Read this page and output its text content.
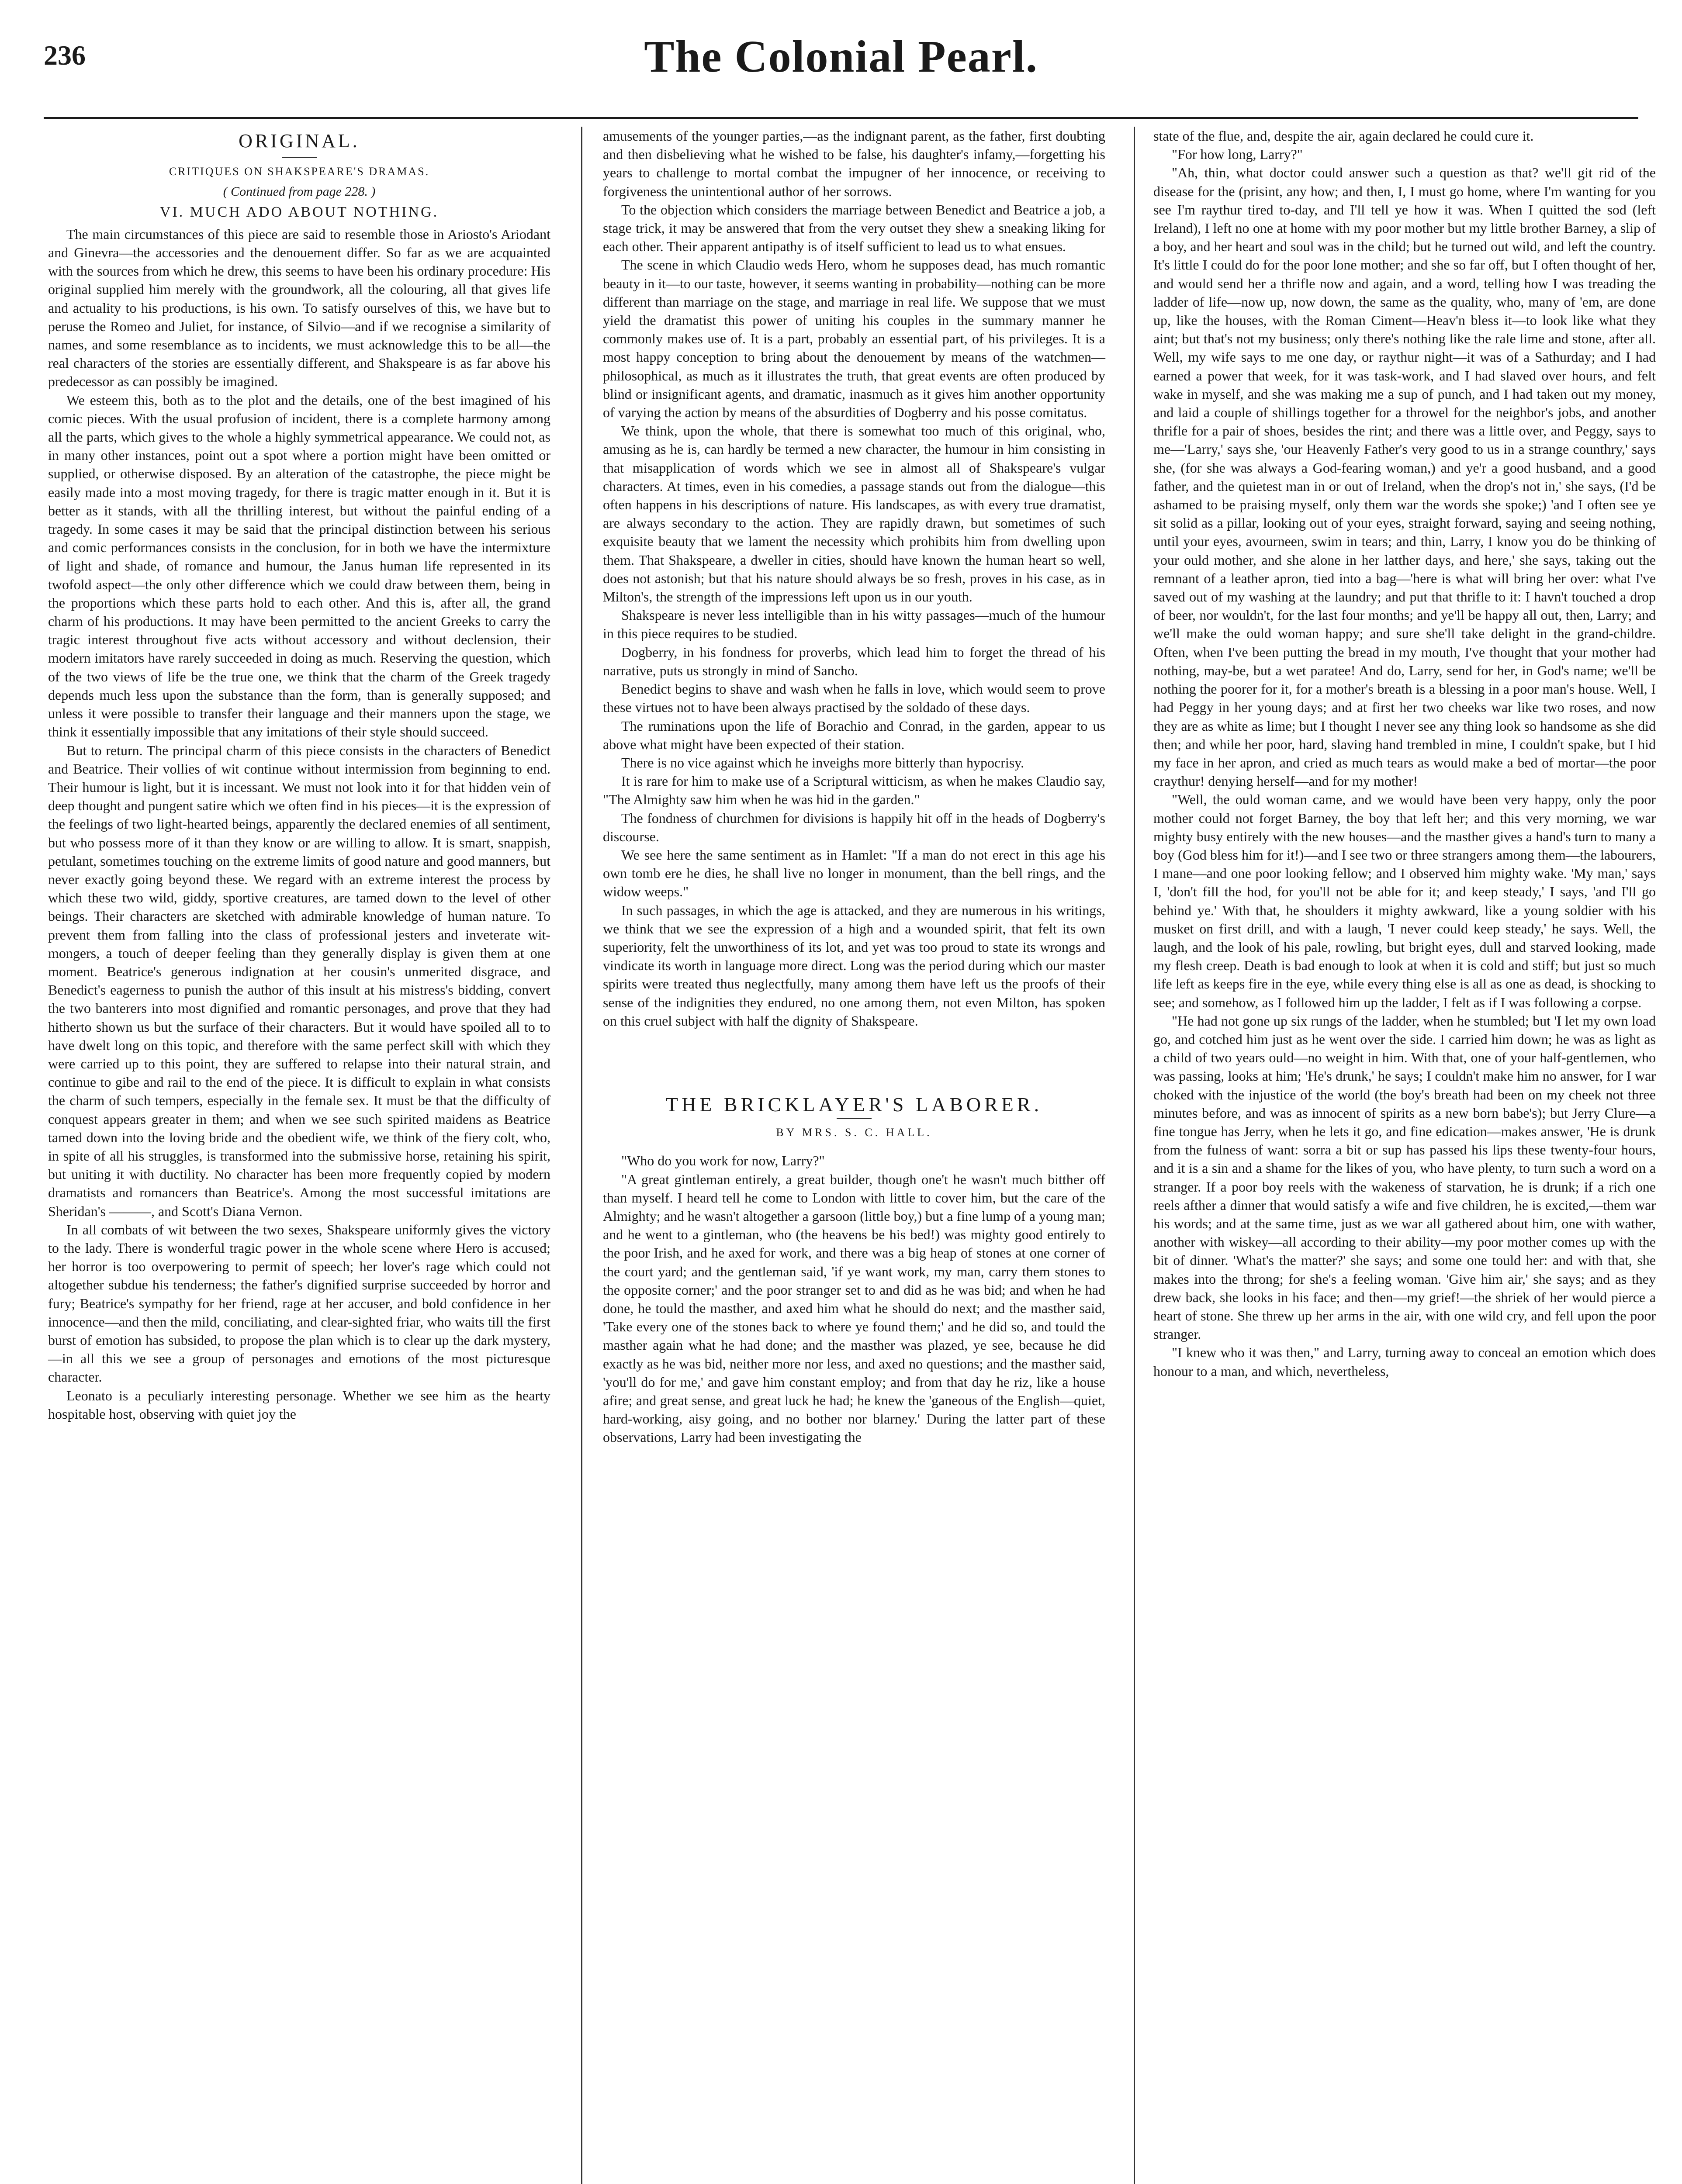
236	The Colonial Pearl.
ORIGINAL.
CRITIQUES ON SHAKSPEARE'S DRAMAS.
( Continued from page 228. )
VI. MUCH ADO ABOUT NOTHING.

The main circumstances of this piece are said to resemble those in Ariosto's Ariodant and Ginevra—the accessories and the denouement differ. So far as we are acquainted with the sources from which he drew, this seems to have been his ordinary procedure: His original supplied him merely with the groundwork, all the colouring, all that gives life and actuality to his productions, is his own. To satisfy ourselves of this, we have but to peruse the Romeo and Juliet, for instance, of Silvio—and if we recognise a similarity of names, and some resemblance as to incidents, we must acknowledge this to be all—the real characters of the stories are essentially different, and Shakspeare is as far above his predecessor as can possibly be imagined.

We esteem this, both as to the plot and the details, one of the best imagined of his comic pieces. With the usual profusion of incident, there is a complete harmony among all the parts, which gives to the whole a highly symmetrical appearance. We could not, as in many other instances, point out a spot where a portion might have been omitted or supplied, or otherwise disposed. By an alteration of the catastrophe, the piece might be easily made into a most moving tragedy, for there is tragic matter enough in it. But it is better as it stands, with all the thrilling interest, but without the painful ending of a tragedy. In some cases it may be said that the principal distinction between his serious and comic performances consists in the conclusion, for in both we have the intermixture of light and shade, of romance and humour, the Janus human life represented in its twofold aspect—the only other difference which we could draw between them, being in the proportions which these parts hold to each other. And this is, after all, the grand charm of his productions. It may have been permitted to the ancient Greeks to carry the tragic interest throughout five acts without accessory and without declension, their modern imitators have rarely succeeded in doing as much. Reserving the question, which of the two views of life be the true one, we think that the charm of the Greek tragedy depends much less upon the substance than the form, than is generally supposed; and unless it were possible to transfer their language and their manners upon the stage, we think it essentially impossible that any imitations of their style should succeed.

But to return. The principal charm of this piece consists in the characters of Benedict and Beatrice. Their vollies of wit continue without intermission from beginning to end. Their humour is light, but it is incessant. We must not look into it for that hidden vein of deep thought and pungent satire which we often find in his pieces—it is the expression of the feelings of two light-hearted beings, apparently the declared enemies of all sentiment, but who possess more of it than they know or are willing to allow. It is smart, snappish, petulant, sometimes touching on the extreme limits of good nature and good manners, but never exactly going beyond these. We regard with an extreme interest the process by which these two wild, giddy, sportive creatures, are tamed down to the level of other beings. Their characters are sketched with admirable knowledge of human nature. To prevent them from falling into the class of professional jesters and inveterate wit-mongers, a touch of deeper feeling than they generally display is given them at one moment. Beatrice's generous indignation at her cousin's unmerited disgrace, and Benedict's eagerness to punish the author of this insult at his mistress's bidding, convert the two banterers into most dignified and romantic personages, and prove that they had hitherto shown us but the surface of their characters. But it would have spoiled all to to have dwelt long on this topic, and therefore with the same perfect skill with which they were carried up to this point, they are suffered to relapse into their natural strain, and continue to gibe and rail to the end of the piece. It is difficult to explain in what consists the charm of such tempers, especially in the female sex. It must be that the difficulty of conquest appears greater in them; and when we see such spirited maidens as Beatrice tamed down into the loving bride and the obedient wife, we think of the fiery colt, who, in spite of all his struggles, is transformed into the submissive horse, retaining his spirit, but uniting it with ductility. No character has been more frequently copied by modern dramatists and romancers than Beatrice's. Among the most successful imitations are Sheridan's ———, and Scott's Diana Vernon.

In all combats of wit between the two sexes, Shakspeare uniformly gives the victory to the lady. There is wonderful tragic power in the whole scene where Hero is accused; her horror is too overpowering to permit of speech; her lover's rage which could not altogether subdue his tenderness; the father's dignified surprise succeeded by horror and fury; Beatrice's sympathy for her friend, rage at her accuser, and bold confidence in her innocence—and then the mild, conciliating, and clear-sighted friar, who waits till the first burst of emotion has subsided, to propose the plan which is to clear up the dark mystery,—in all this we see a group of personages and emotions of the most picturesque character.

Leonato is a peculiarly interesting personage. Whether we see him as the hearty hospitable host, observing with quiet joy the

amusements of the younger parties,—as the indignant parent, as the father, first doubting and then disbelieving what he wished to be false, his daughter's infamy,—forgetting his years to challenge to mortal combat the impugner of her innocence, or receiving to forgiveness the unintentional author of her sorrows.

To the objection which considers the marriage between Benedict and Beatrice a job, a stage trick, it may be answered that from the very outset they shew a sneaking liking for each other. Their apparent antipathy is of itself sufficient to lead us to what ensues.

The scene in which Claudio weds Hero, whom he supposes dead, has much romantic beauty in it—to our taste, however, it seems wanting in probability—nothing can be more different than marriage on the stage, and marriage in real life. We suppose that we must yield the dramatist this power of uniting his couples in the summary manner he commonly makes use of. It is a part, probably an essential part, of his privileges. It is a most happy conception to bring about the denouement by means of the watchmen—philosophical, as much as it illustrates the truth, that great events are often produced by blind or insignificant agents, and dramatic, inasmuch as it gives him another opportunity of varying the action by means of the absurdities of Dogberry and his posse comitatus.

We think, upon the whole, that there is somewhat too much of this original, who, amusing as he is, can hardly be termed a new character, the humour in him consisting in that misapplication of words which we see in almost all of Shakspeare's vulgar characters. At times, even in his comedies, a passage stands out from the dialogue—this often happens in his descriptions of nature. His landscapes, as with every true dramatist, are always secondary to the action. They are rapidly drawn, but sometimes of such exquisite beauty that we lament the necessity which prohibits him from dwelling upon them. That Shakspeare, a dweller in cities, should have known the human heart so well, does not astonish; but that his nature should always be so fresh, proves in his case, as in Milton's, the strength of the impressions left upon us in our youth.

Shakspeare is never less intelligible than in his witty passages—much of the humour in this piece requires to be studied.

Dogberry, in his fondness for proverbs, which lead him to forget the thread of his narrative, puts us strongly in mind of Sancho.

Benedict begins to shave and wash when he falls in love, which would seem to prove these virtues not to have been always practised by the soldado of these days.

The ruminations upon the life of Borachio and Conrad, in the garden, appear to us above what might have been expected of their station.

There is no vice against which he inveighs more bitterly than hypocrisy.

It is rare for him to make use of a Scriptural witticism, as when he makes Claudio say, "The Almighty saw him when he was hid in the garden."

The fondness of churchmen for divisions is happily hit off in the heads of Dogberry's discourse.

We see here the same sentiment as in Hamlet: "If a man do not erect in this age his own tomb ere he dies, he shall live no longer in monument, than the bell rings, and the widow weeps."

In such passages, in which the age is attacked, and they are numerous in his writings, we think that we see the expression of a high and a wounded spirit, that felt its own superiority, felt the unworthiness of its lot, and yet was too proud to state its wrongs and vindicate its worth in language more direct. Long was the period during which our master spirits were treated thus neglectfully, many among them have left us the proofs of their sense of the indignities they endured, no one among them, not even Milton, has spoken on this cruel subject with half the dignity of Shakspeare.

THE BRICKLAYER'S LABORER.
BY MRS. S. C. HALL.

"Who do you work for now, Larry?"

"A great gintleman entirely, a great builder, though one't he wasn't much bitther off than myself. I heard tell he come to London with little to cover him, but the care of the Almighty; and he wasn't altogether a garsoon (little boy,) but a fine lump of a young man; and he went to a gintleman, who (the heavens be his bed!) was mighty good entirely to the poor Irish, and he axed for work, and there was a big heap of stones at one corner of the court yard; and the gentleman said, 'if ye want work, my man, carry them stones to the opposite corner;' and the poor stranger set to and did as he was bid; and when he had done, he tould the masther, and axed him what he should do next; and the masther said, 'Take every one of the stones back to where ye found them;' and he did so, and tould the masther again what he had done; and the masther was plazed, ye see, because he did exactly as he was bid, neither more nor less, and axed no questions; and the masther said, 'you'll do for me,' and gave him constant employ; and from that day he riz, like a house afire; and great sense, and great luck he had; he knew the 'ganeous of the English—quiet, hard-working, aisy going, and no bother nor blarney.' During the latter part of these observations, Larry had been investigating the

state of the flue, and, despite the air, again declared he could cure it.

"For how long, Larry?"

"Ah, thin, what doctor could answer such a question as that? we'll git rid of the disease for the (prisint, any how; and then, I, I must go home, where I'm wanting for you see I'm raythur tired to-day, and I'll tell ye how it was. When I quitted the sod (left Ireland), I left no one at home with my poor mother but my little brother Barney, a slip of a boy, and her heart and soul was in the child; but he turned out wild, and left the country. It's little I could do for the poor lone mother; and she so far off, but I often thought of her, and would send her a thrifle now and again, and a word, telling how I was treading the ladder of life—now up, now down, the same as the quality, who, many of 'em, are done up, like the houses, with the Roman Ciment—Heav'n bless it—to look like what they aint; but that's not my business; only there's nothing like the rale lime and stone, after all. Well, my wife says to me one day, or raythur night—it was of a Sathurday; and I had earned a power that week, for it was task-work, and I had slaved over hours, and felt wake in myself, and she was making me a sup of punch, and I had taken out my money, and laid a couple of shillings together for a throwel for the neighbor's jobs, and another thrifle for a pair of shoes, besides the rint; and there was a little over, and Peggy, says to me—'Larry,' says she, 'our Heavenly Father's very good to us in a strange counthry,' says she, (for she was always a God-fearing woman,) and ye'r a good husband, and a good father, and the quietest man in or out of Ireland, when the drop's not in,' she says, (I'd be ashamed to be praising myself, only them war the words she spoke;) 'and I often see ye sit solid as a pillar, looking out of your eyes, straight forward, saying and seeing nothing, until your eyes, avourneen, swim in tears; and thin, Larry, I know you do be thinking of your ould mother, and she alone in her latther days, and here,' she says, taking out the remnant of a leather apron, tied into a bag—'here is what will bring her over: what I've saved out of my washing at the laundry; and put that thrifle to it: I havn't touched a drop of beer, nor wouldn't, for the last four months; and ye'll be happy all out, then, Larry; and we'll make the ould woman happy; and sure she'll take delight in the grand-childre. Often, when I've been putting the bread in my mouth, I've thought that your mother had nothing, may-be, but a wet paratee! And do, Larry, send for her, in God's name; we'll be nothing the poorer for it, for a mother's breath is a blessing in a poor man's house. Well, I had Peggy in her young days; and at first her two cheeks war like two roses, and now they are as white as lime; but I thought I never see any thing look so handsome as she did then; and while her poor, hard, slaving hand trembled in mine, I couldn't spake, but I hid my face in her apron, and cried as much tears as would make a bed of mortar—the poor craythur! denying herself—and for my mother!

"Well, the ould woman came, and we would have been very happy, only the poor mother could not forget Barney, the boy that left her; and this very morning, we war mighty busy entirely with the new houses—and the masther gives a hand's turn to many a boy (God bless him for it!)—and I see two or three strangers among them—the labourers, I mane—and one poor looking fellow; and I observed him mighty wake. 'My man,' says I, 'don't fill the hod, for you'll not be able for it; and keep steady,' I says, 'and I'll go behind ye.' With that, he shoulders it mighty awkward, like a young soldier with his musket on first drill, and with a laugh, 'I never could keep steady,' he says. Well, the laugh, and the look of his pale, rowling, but bright eyes, dull and starved looking, made my flesh creep. Death is bad enough to look at when it is cold and stiff; but just so much life left as keeps fire in the eye, while every thing else is all as one as dead, is shocking to see; and somehow, as I followed him up the ladder, I felt as if I was following a corpse.

"He had not gone up six rungs of the ladder, when he stumbled; but 'I let my own load go, and cotched him just as he went over the side. I carried him down; he was as light as a child of two years ould—no weight in him. With that, one of your half-gentlemen, who was passing, looks at him; 'He's drunk,' he says; I couldn't make him no answer, for I war choked with the injustice of the world (the boy's breath had been on my cheek not three minutes before, and was as innocent of spirits as a new born babe's); but Jerry Clure—a fine tongue has Jerry, when he lets it go, and fine edication—makes answer, 'He is drunk from the fulness of want: sorra a bit or sup has passed his lips these twenty-four hours, and it is a sin and a shame for the likes of you, who have plenty, to turn such a word on a stranger. If a poor boy reels with the wakeness of starvation, he is drunk; if a rich one reels afther a dinner that would satisfy a wife and five children, he is excited,—them war his words; and at the same time, just as we war all gathered about him, one with wather, another with wiskey—all according to their ability—my poor mother comes up with the bit of dinner. 'What's the matter?' she says; and some one tould her: and with that, she makes into the throng; for she's a feeling woman. 'Give him air,' she says; and as they drew back, she looks in his face; and then—my grief!—the shriek of her would pierce a heart of stone. She threw up her arms in the air, with one wild cry, and fell upon the poor stranger.

"I knew who it was then," and Larry, turning away to conceal an emotion which does honour to a man, and which, nevertheless,
